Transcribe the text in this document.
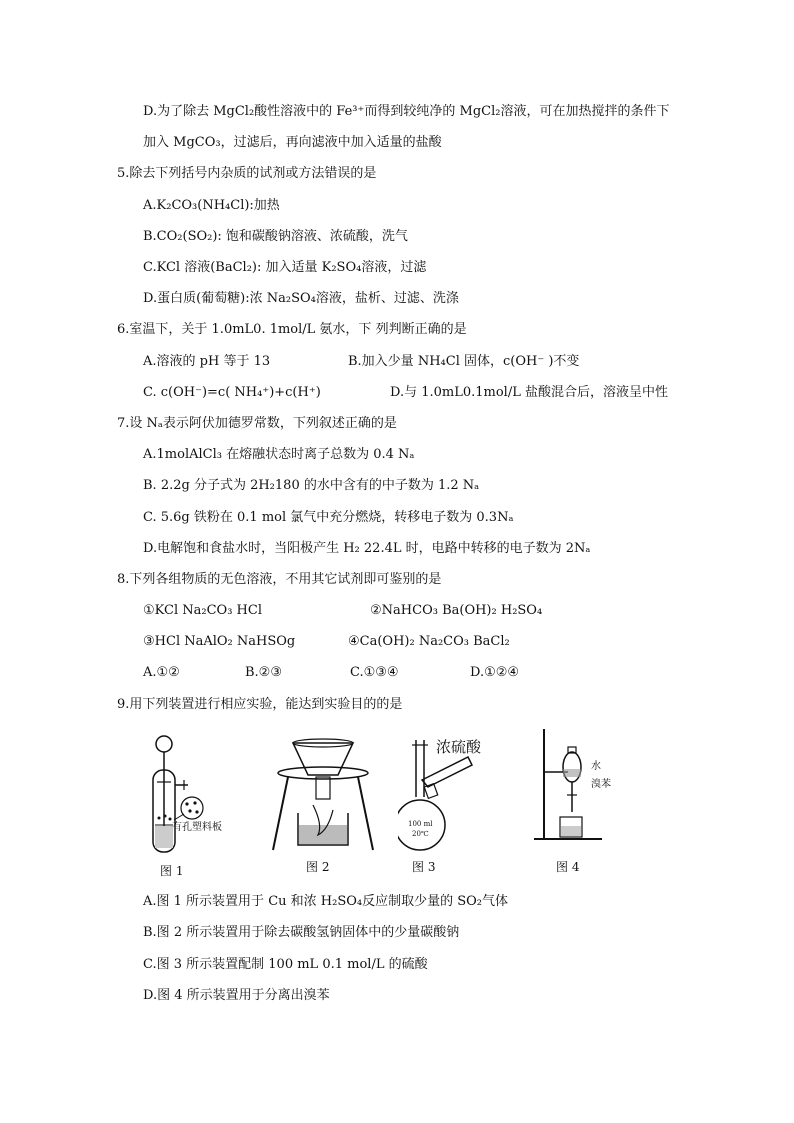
D.为了除去 MgCl₂酸性溶液中的 Fe³⁺而得到较纯净的 MgCl₂溶液，可在加热搅拌的条件下
加入 MgCO₃，过滤后，再向滤液中加入适量的盐酸
5.除去下列括号内杂质的试剂或方法错误的是
A.K₂CO₃(NH₄Cl):加热
B.CO₂(SO₂): 饱和碳酸钠溶液、浓硫酸，洗气
C.KCl 溶液(BaCl₂): 加入适量 K₂SO₄溶液，过滤
D.蛋白质(葡萄糖):浓 Na₂SO₄溶液，盐析、过滤、洗涤
6.室温下，关于 1.0mL0. 1mol/L 氨水，下 列判断正确的是
A.溶液的 pH 等于 13	B.加入少量 NH₄Cl 固体，c(OH⁻ )不变
C. c(OH⁻)=c( NH₄⁺)+c(H⁺)	D.与 1.0mL0.1mol/L 盐酸混合后，溶液呈中性
7.设 Nₐ表示阿伏加德罗常数，下列叙述正确的是
A.1molAlCl₃ 在熔融状态时离子总数为 0.4 Nₐ
B. 2.2g 分子式为 2H₂180 的水中含有的中子数为 1.2 Nₐ
C. 5.6g 铁粉在 0.1 mol 氯气中充分燃烧，转移电子数为 0.3Nₐ
D.电解饱和食盐水时，当阳极产生 H₂ 22.4L 时，电路中转移的电子数为 2Nₐ
8.下列各组物质的无色溶液，不用其它试剂即可鉴别的是
①KCl Na₂CO₃ HCl	②NaHCO₃ Ba(OH)₂ H₂SO₄
③HCl NaAlO₂ NaHSOg	④Ca(OH)₂ Na₂CO₃ BaCl₂
A.①②	B.②③	C.①③④	D.①②④
9.用下列装置进行相应实验，能达到实验目的的是
有孔塑料板
图 1	图 2
浓硫酸
100 ml
20℃
图 3
水
溴苯
图 4
A.图 1 所示装置用于 Cu 和浓 H₂SO₄反应制取少量的 SO₂气体
B.图 2 所示装置用于除去碳酸氢钠固体中的少量碳酸钠
C.图 3 所示装置配制 100 mL 0.1 mol/L 的硫酸
D.图 4 所示装置用于分离出溴苯
